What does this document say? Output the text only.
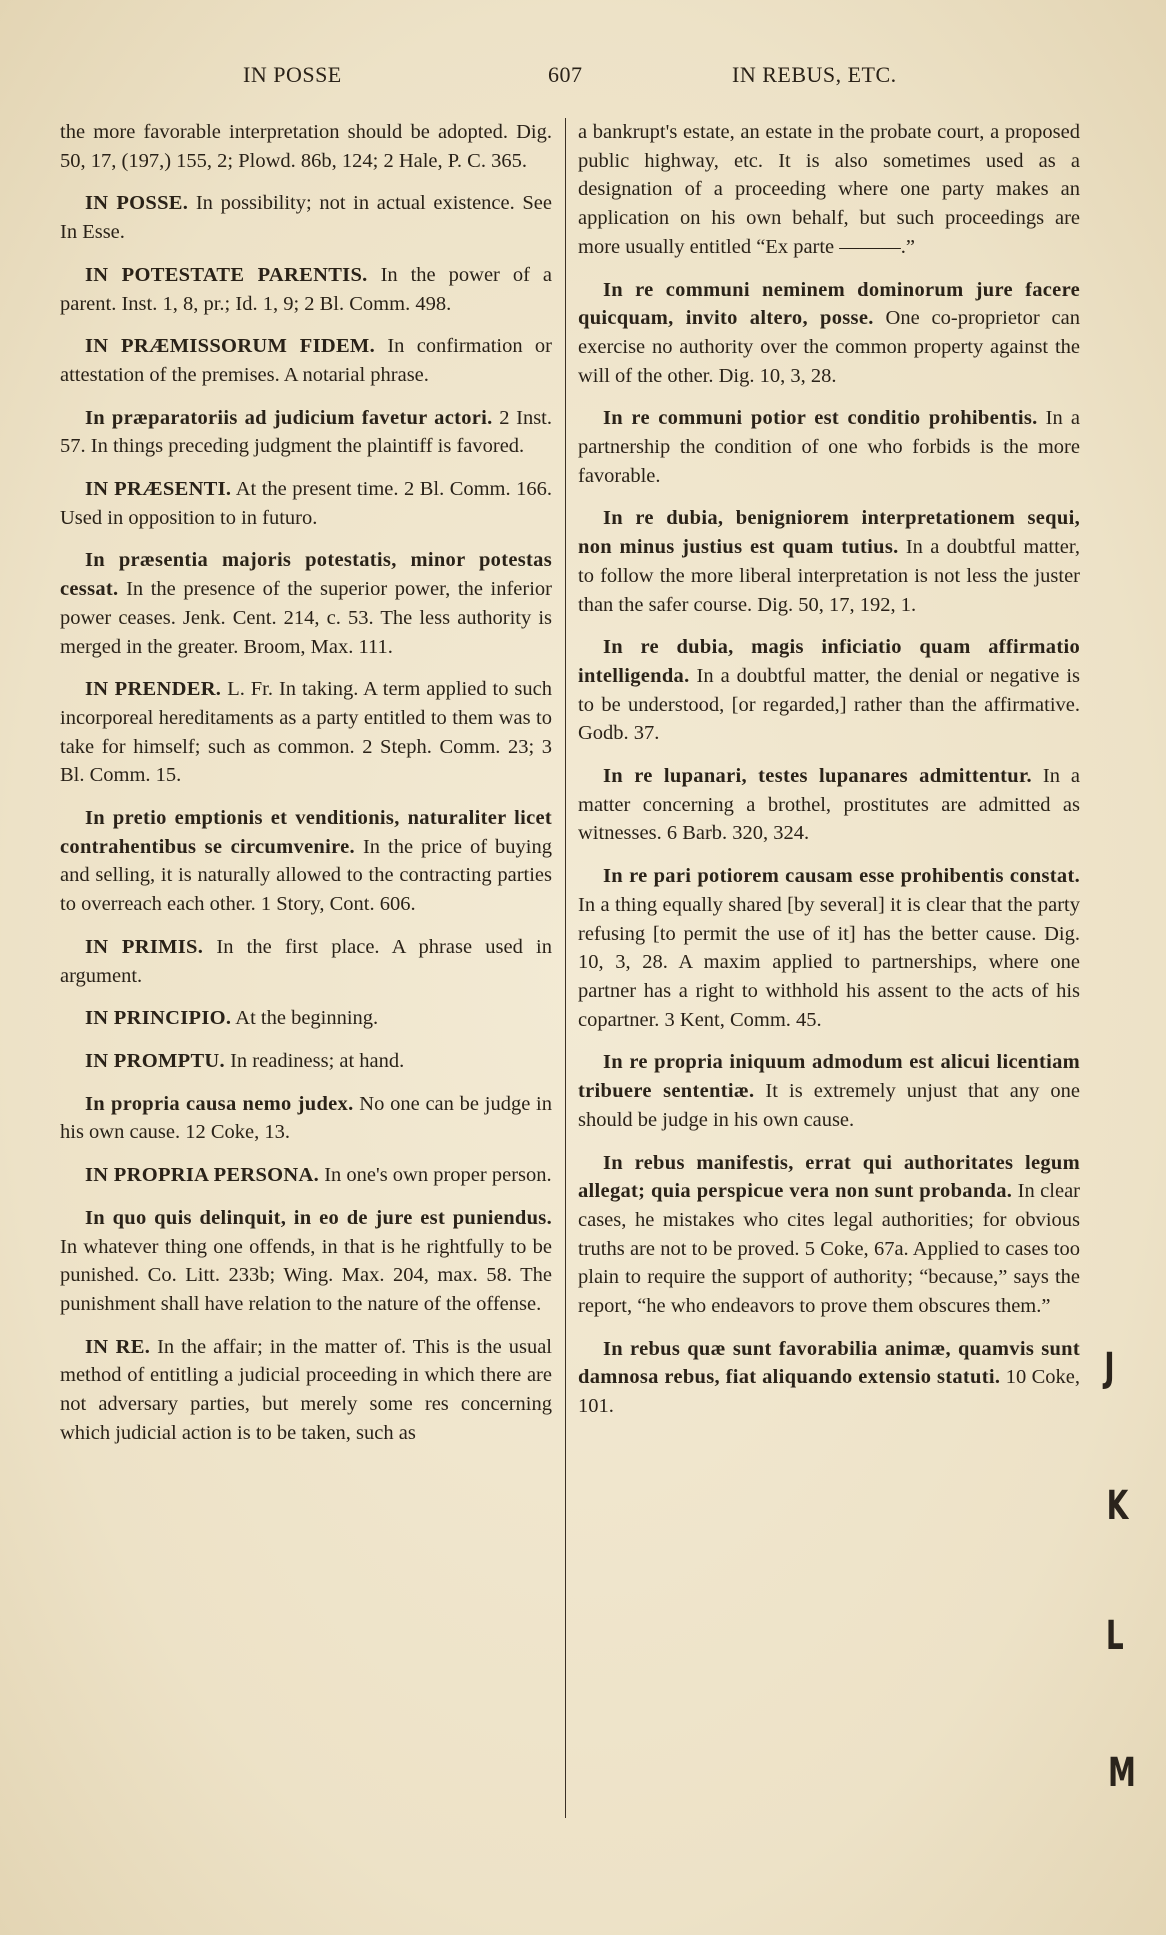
IN POSSE	607	IN REBUS, ETC.

the more favorable interpretation should be adopted. Dig. 50, 17, (197,) 155, 2; Plowd. 86b, 124; 2 Hale, P. C. 365.

IN POSSE. In possibility; not in actual existence. See In Esse.

IN POTESTATE PARENTIS. In the power of a parent. Inst. 1, 8, pr.; Id. 1, 9; 2 Bl. Comm. 498.

IN PRÆMISSORUM FIDEM. In confirmation or attestation of the premises. A notarial phrase.

In præparatoriis ad judicium favetur actori. 2 Inst. 57. In things preceding judgment the plaintiff is favored.

IN PRÆSENTI. At the present time. 2 Bl. Comm. 166. Used in opposition to in futuro.

In præsentia majoris potestatis, minor potestas cessat. In the presence of the superior power, the inferior power ceases. Jenk. Cent. 214, c. 53. The less authority is merged in the greater. Broom, Max. 111.

IN PRENDER. L. Fr. In taking. A term applied to such incorporeal hereditaments as a party entitled to them was to take for himself; such as common. 2 Steph. Comm. 23; 3 Bl. Comm. 15.

In pretio emptionis et venditionis, naturaliter licet contrahentibus se circumvenire. In the price of buying and selling, it is naturally allowed to the contracting parties to overreach each other. 1 Story, Cont. 606.

IN PRIMIS. In the first place. A phrase used in argument.

IN PRINCIPIO. At the beginning.

IN PROMPTU. In readiness; at hand.

In propria causa nemo judex. No one can be judge in his own cause. 12 Coke, 13.

IN PROPRIA PERSONA. In one's own proper person.

In quo quis delinquit, in eo de jure est puniendus. In whatever thing one offends, in that is he rightfully to be punished. Co. Litt. 233b; Wing. Max. 204, max. 58. The punishment shall have relation to the nature of the offense.

IN RE. In the affair; in the matter of. This is the usual method of entitling a judicial proceeding in which there are not adversary parties, but merely some res concerning which judicial action is to be taken, such as

a bankrupt's estate, an estate in the probate court, a proposed public highway, etc. It is also sometimes used as a designation of a proceeding where one party makes an application on his own behalf, but such proceedings are more usually entitled “Ex parte ———.”

In re communi neminem dominorum jure facere quicquam, invito altero, posse. One co-proprietor can exercise no authority over the common property against the will of the other. Dig. 10, 3, 28.

In re communi potior est conditio prohibentis. In a partnership the condition of one who forbids is the more favorable.

In re dubia, benigniorem interpretationem sequi, non minus justius est quam tutius. In a doubtful matter, to follow the more liberal interpretation is not less the juster than the safer course. Dig. 50, 17, 192, 1.

In re dubia, magis inficiatio quam affirmatio intelligenda. In a doubtful matter, the denial or negative is to be understood, [or regarded,] rather than the affirmative. Godb. 37.

In re lupanari, testes lupanares admittentur. In a matter concerning a brothel, prostitutes are admitted as witnesses. 6 Barb. 320, 324.

In re pari potiorem causam esse prohibentis constat. In a thing equally shared [by several] it is clear that the party refusing [to permit the use of it] has the better cause. Dig. 10, 3, 28. A maxim applied to partnerships, where one partner has a right to withhold his assent to the acts of his copartner. 3 Kent, Comm. 45.

In re propria iniquum admodum est alicui licentiam tribuere sententiæ. It is extremely unjust that any one should be judge in his own cause.

In rebus manifestis, errat qui authoritates legum allegat; quia perspicue vera non sunt probanda. In clear cases, he mistakes who cites legal authorities; for obvious truths are not to be proved. 5 Coke, 67a. Applied to cases too plain to require the support of authority; “because,” says the report, “he who endeavors to prove them obscures them.”

In rebus quæ sunt favorabilia animæ, quamvis sunt damnosa rebus, fiat aliquando extensio statuti. 10 Coke, 101.

J
K
L
M
